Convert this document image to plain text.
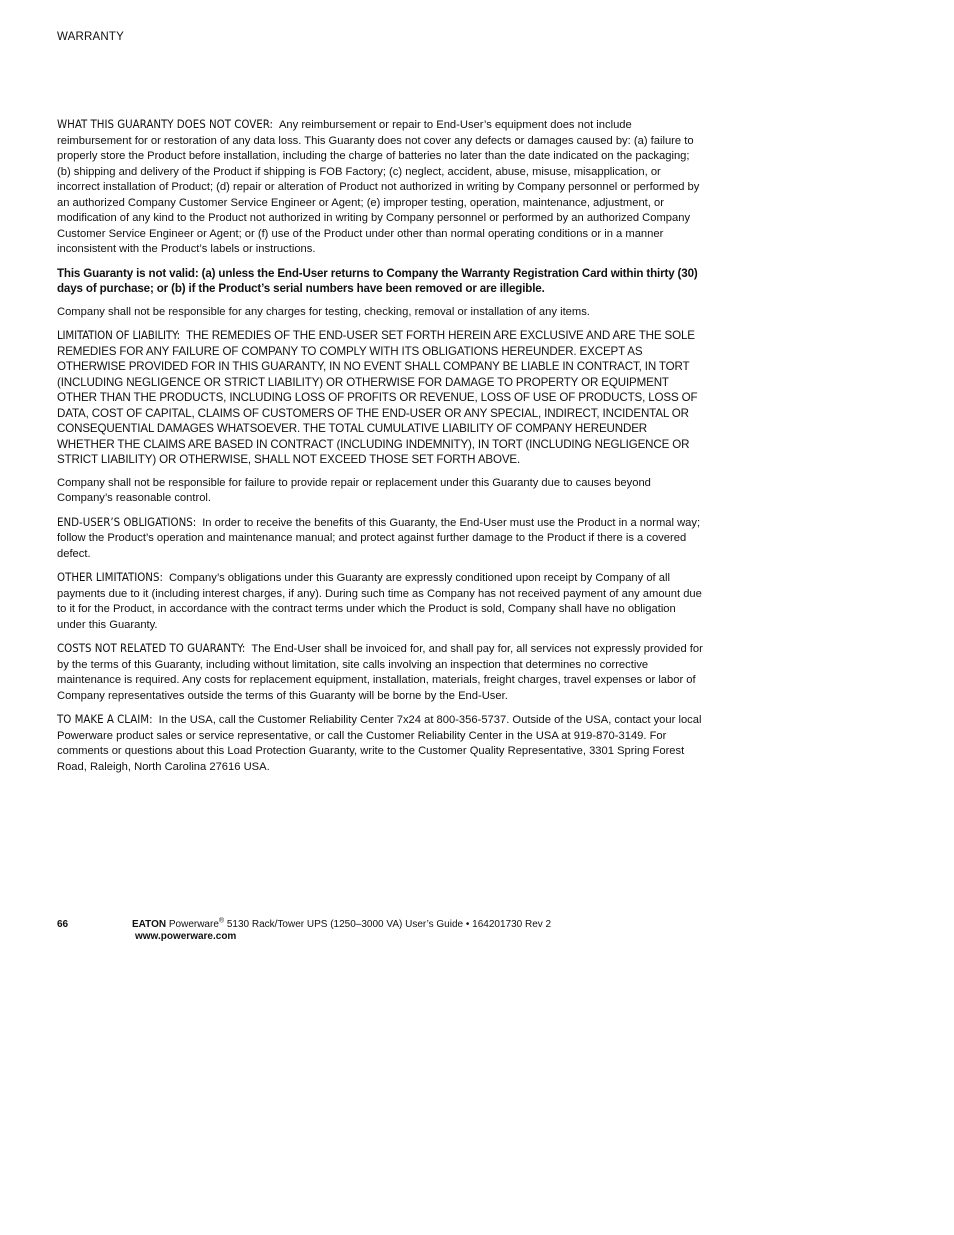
WARRANTY

WHAT THIS GUARANTY DOES NOT COVER: Any reimbursement or repair to End-User’s equipment does not include reimbursement for or restoration of any data loss. This Guaranty does not cover any defects or damages caused by: (a) failure to properly store the Product before installation, including the charge of batteries no later than the date indicated on the packaging; (b) shipping and delivery of the Product if shipping is FOB Factory; (c) neglect, accident, abuse, misuse, misapplication, or incorrect installation of Product; (d) repair or alteration of Product not authorized in writing by Company personnel or performed by an authorized Company Customer Service Engineer or Agent; (e) improper testing, operation, maintenance, adjustment, or modification of any kind to the Product not authorized in writing by Company personnel or performed by an authorized Company Customer Service Engineer or Agent; or (f) use of the Product under other than normal operating conditions or in a manner inconsistent with the Product’s labels or instructions.

This Guaranty is not valid: (a) unless the End-User returns to Company the Warranty Registration Card within thirty (30) days of purchase; or (b) if the Product’s serial numbers have been removed or are illegible.

Company shall not be responsible for any charges for testing, checking, removal or installation of any items.

LIMITATION OF LIABILITY: THE REMEDIES OF THE END-USER SET FORTH HEREIN ARE EXCLUSIVE AND ARE THE SOLE REMEDIES FOR ANY FAILURE OF COMPANY TO COMPLY WITH ITS OBLIGATIONS HEREUNDER. EXCEPT AS OTHERWISE PROVIDED FOR IN THIS GUARANTY, IN NO EVENT SHALL COMPANY BE LIABLE IN CONTRACT, IN TORT (INCLUDING NEGLIGENCE OR STRICT LIABILITY) OR OTHERWISE FOR DAMAGE TO PROPERTY OR EQUIPMENT OTHER THAN THE PRODUCTS, INCLUDING LOSS OF PROFITS OR REVENUE, LOSS OF USE OF PRODUCTS, LOSS OF DATA, COST OF CAPITAL, CLAIMS OF CUSTOMERS OF THE END-USER OR ANY SPECIAL, INDIRECT, INCIDENTAL OR CONSEQUENTIAL DAMAGES WHATSOEVER. THE TOTAL CUMULATIVE LIABILITY OF COMPANY HEREUNDER WHETHER THE CLAIMS ARE BASED IN CONTRACT (INCLUDING INDEMNITY), IN TORT (INCLUDING NEGLIGENCE OR STRICT LIABILITY) OR OTHERWISE, SHALL NOT EXCEED THOSE SET FORTH ABOVE.

Company shall not be responsible for failure to provide repair or replacement under this Guaranty due to causes beyond Company’s reasonable control.

END-USER’S OBLIGATIONS: In order to receive the benefits of this Guaranty, the End-User must use the Product in a normal way; follow the Product’s operation and maintenance manual; and protect against further damage to the Product if there is a covered defect.

OTHER LIMITATIONS: Company’s obligations under this Guaranty are expressly conditioned upon receipt by Company of all payments due to it (including interest charges, if any). During such time as Company has not received payment of any amount due to it for the Product, in accordance with the contract terms under which the Product is sold, Company shall have no obligation under this Guaranty.

COSTS NOT RELATED TO GUARANTY: The End-User shall be invoiced for, and shall pay for, all services not expressly provided for by the terms of this Guaranty, including without limitation, site calls involving an inspection that determines no corrective maintenance is required. Any costs for replacement equipment, installation, materials, freight charges, travel expenses or labor of Company representatives outside the terms of this Guaranty will be borne by the End-User.

TO MAKE A CLAIM: In the USA, call the Customer Reliability Center 7x24 at 800-356-5737. Outside of the USA, contact your local Powerware product sales or service representative, or call the Customer Reliability Center in the USA at 919-870-3149. For comments or questions about this Load Protection Guaranty, write to the Customer Quality Representative, 3301 Spring Forest Road, Raleigh, North Carolina 27616 USA.

66	EATON Powerware® 5130 Rack/Tower UPS (1250–3000 VA) User’s Guide • 164201730 Rev 2
www.powerware.com
